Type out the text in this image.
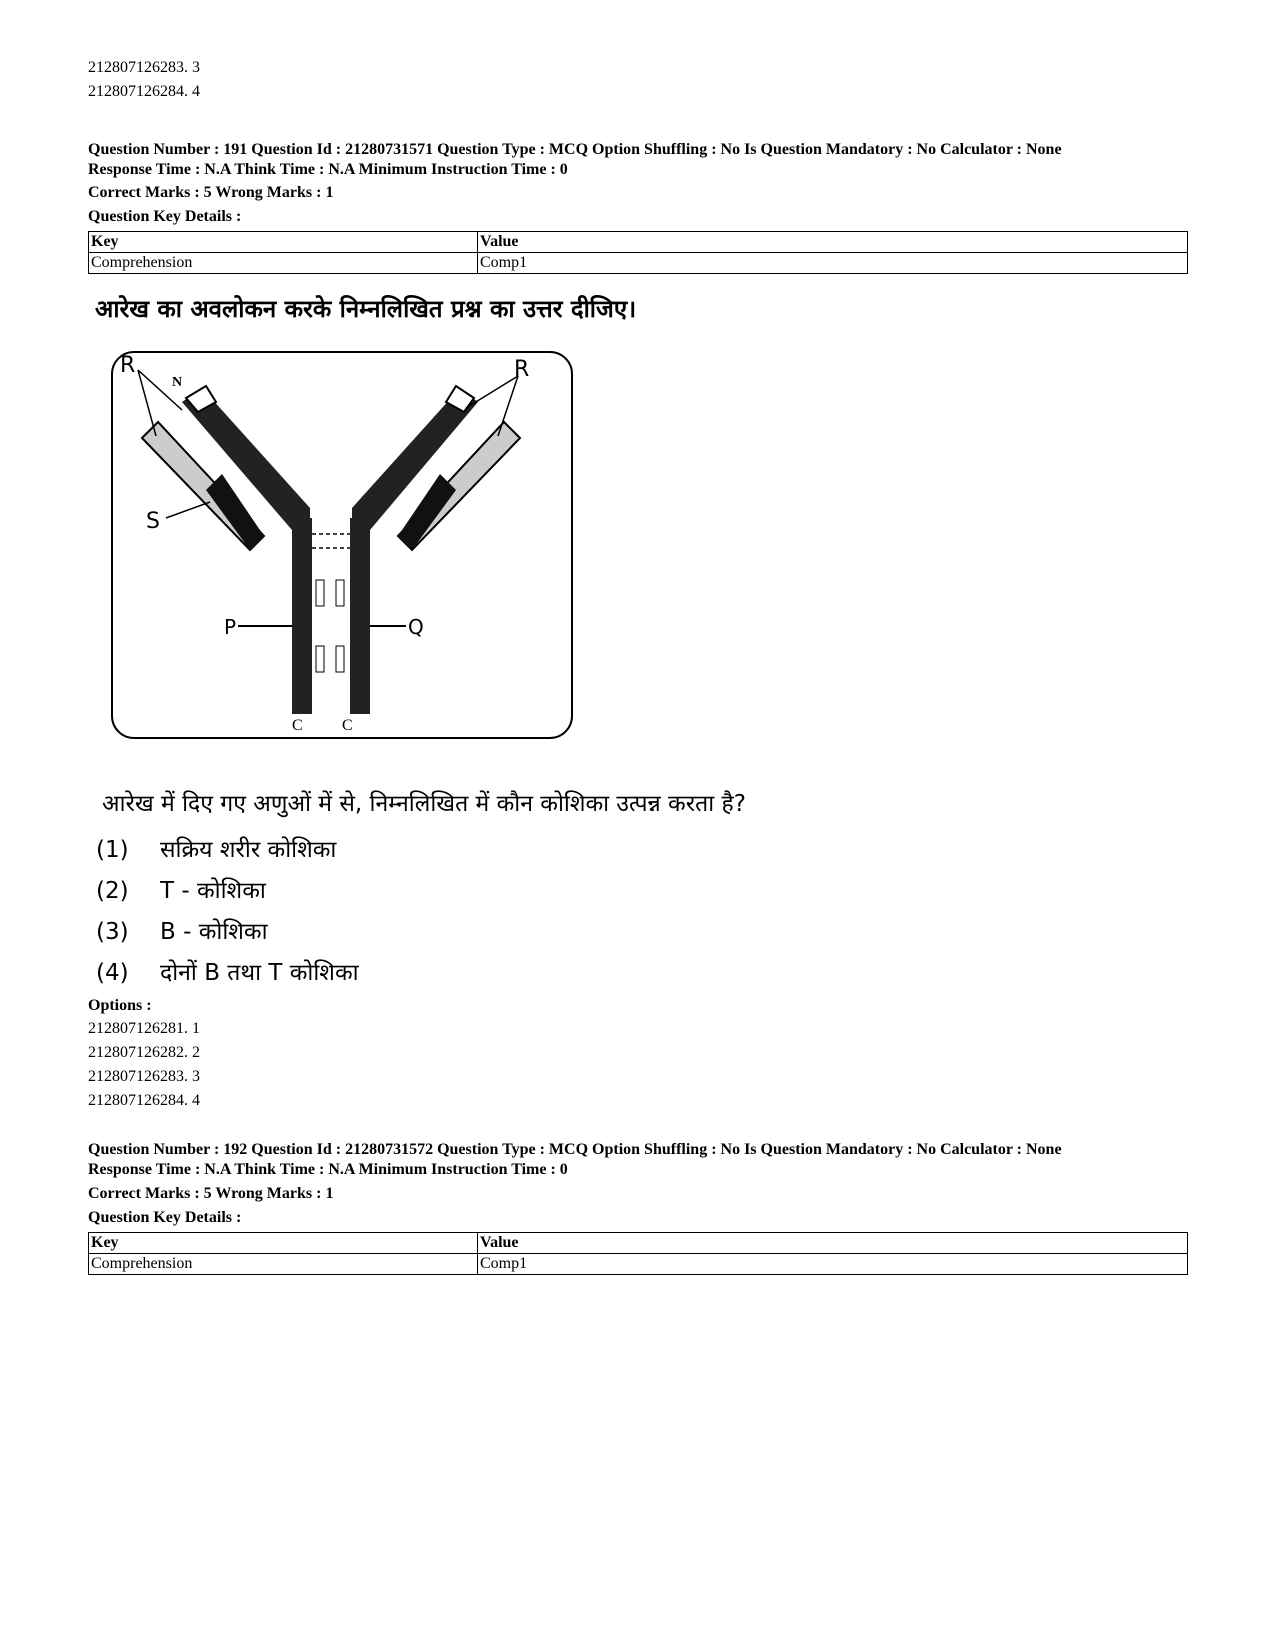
212807126283. 3
212807126284. 4
Question Number : 191 Question Id : 21280731571 Question Type : MCQ Option Shuffling : No Is Question Mandatory : No Calculator : None
Response Time : N.A Think Time : N.A Minimum Instruction Time : 0
Correct Marks : 5 Wrong Marks : 1
Question Key Details :
Key	Value
Comprehension	Comp1
आरेख का अवलोकन करके निम्नलिखित प्रश्न का उत्तर दीजिए।
R
N
R
S
P	Q
C C
आरेख में दिए गए अणुओं में से, निम्नलिखित में कौन कोशिका उत्पन्न करता है?
(1) सक्रिय शरीर कोशिका
(2) T - कोशिका
(3) B - कोशिका
(4) दोनों B तथा T कोशिका
Options :
212807126281. 1
212807126282. 2
212807126283. 3
212807126284. 4
Question Number : 192 Question Id : 21280731572 Question Type : MCQ Option Shuffling : No Is Question Mandatory : No Calculator : None
Response Time : N.A Think Time : N.A Minimum Instruction Time : 0
Correct Marks : 5 Wrong Marks : 1
Question Key Details :
Key	Value
Comprehension	Comp1
